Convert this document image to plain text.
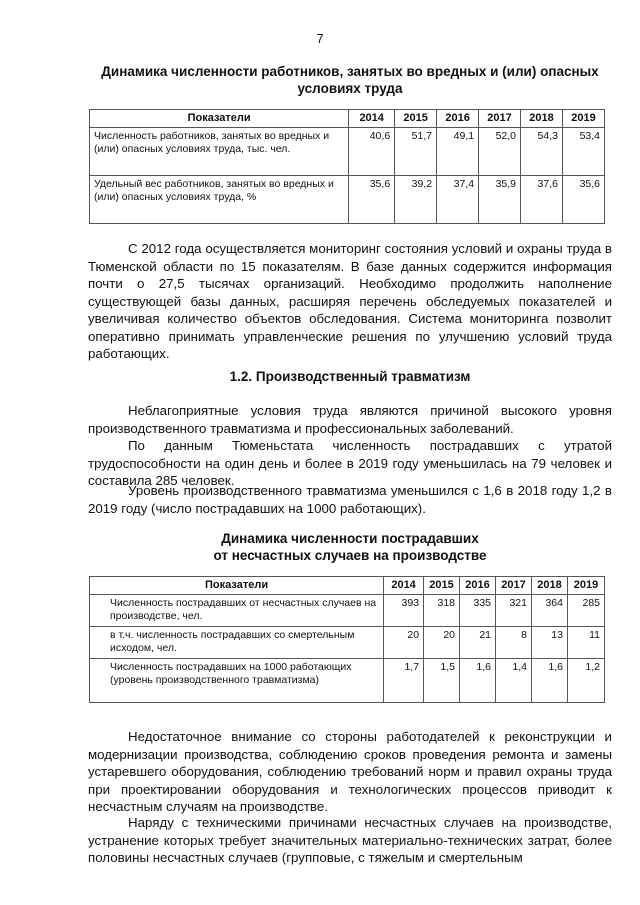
7
Динамика численности работников, занятых во вредных и (или) опасных
условиях труда
Показатели	2014	2015	2016	2017	2018	2019
Численность работников, занятых во вредных и (или) опасных условиях труда, тыс. чел.	40,6	51,7	49,1	52,0	54,3	53,4
Удельный вес работников, занятых во вредных и (или) опасных условиях труда, %	35,6	39,2	37,4	35,9	37,6	35,6
С 2012 года осуществляется мониторинг состояния условий и охраны труда в Тюменской области по 15 показателям. В базе данных содержится информация почти о 27,5 тысячах организаций. Необходимо продолжить наполнение существующей базы данных, расширяя перечень обследуемых показателей и увеличивая количество объектов обследования. Система мониторинга позволит оперативно принимать управленческие решения по улучшению условий труда работающих.
1.2. Производственный травматизм
Неблагоприятные условия труда являются причиной высокого уровня производственного травматизма и профессиональных заболеваний.
По данным Тюменьстата численность пострадавших с утратой трудоспособности на один день и более в 2019 году уменьшилась на 79 человек и составила 285 человек.
Уровень производственного травматизма уменьшился с 1,6 в 2018 году 1,2 в 2019 году (число пострадавших на 1000 работающих).
Динамика численности пострадавших
от несчастных случаев на производстве
Показатели	2014	2015	2016	2017	2018	2019
Численность пострадавших от несчастных случаев на производстве, чел.	393	318	335	321	364	285
в т.ч. численность пострадавших со смертельным исходом, чел.	20	20	21	8	13	11
Численность пострадавших на 1000 работающих (уровень производственного травматизма)	1,7	1,5	1,6	1,4	1,6	1,2
Недостаточное внимание со стороны работодателей к реконструкции и модернизации производства, соблюдению сроков проведения ремонта и замены устаревшего оборудования, соблюдению требований норм и правил охраны труда при проектировании оборудования и технологических процессов приводит к несчастным случаям на производстве.
Наряду с техническими причинами несчастных случаев на производстве, устранение которых требует значительных материально-технических затрат, более половины несчастных случаев (групповые, с тяжелым и смертельным
